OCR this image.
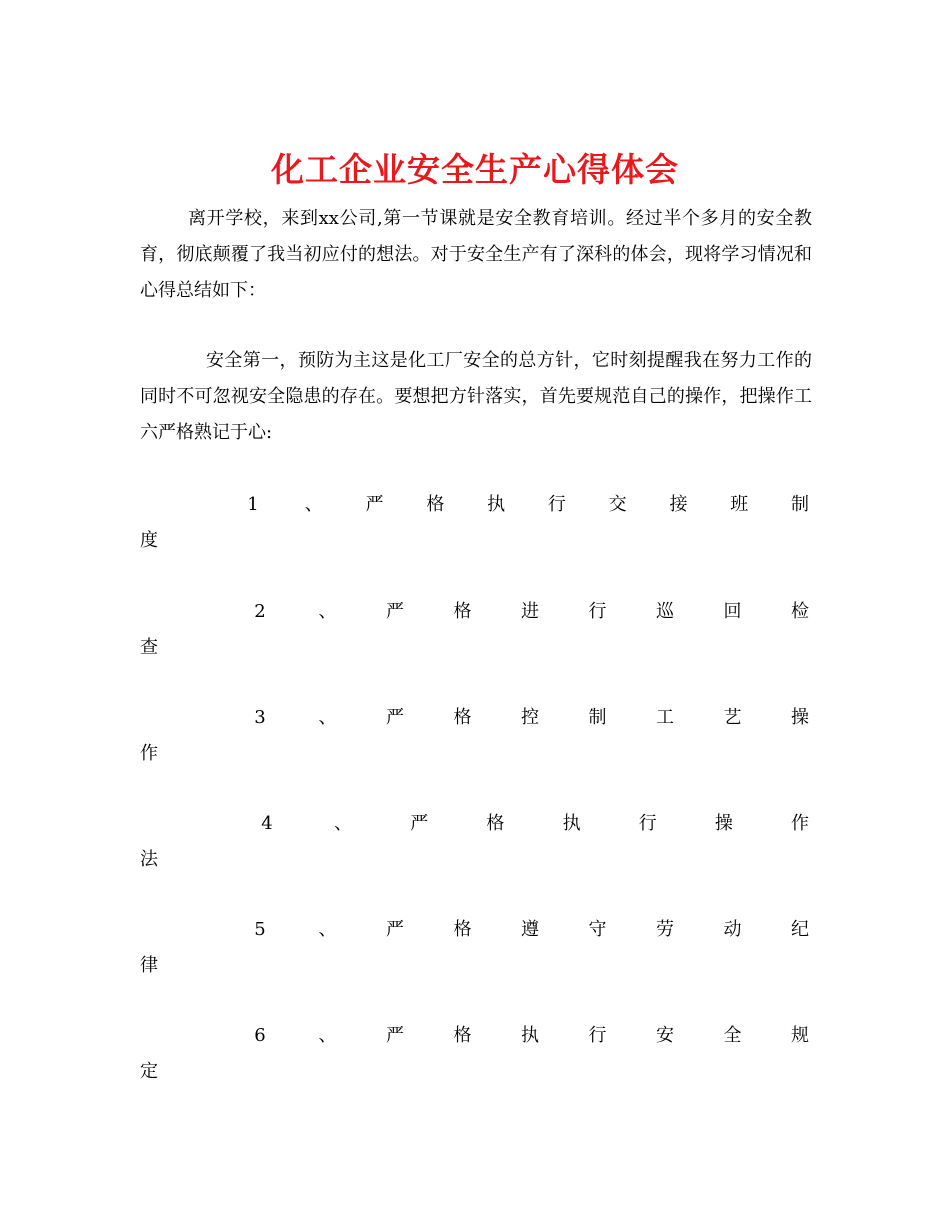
化工企业安全生产心得体会

离开学校，来到xx公司,第一节课就是安全教育培训。经过半个多月的安全教育，彻底颠覆了我当初应付的想法。对于安全生产有了深科的体会，现将学习情况和心得总结如下：

安全第一，预防为主这是化工厂安全的总方针，它时刻提醒我在努力工作的同时不可忽视安全隐患的存在。要想把方针落实，首先要规范自己的操作，把操作工六严格熟记于心:

1	、 严 格 执 行 交 接 班 制
度
2	、	严	格	进	行	巡	回	检
查
3	、	严	格	控	制	工	艺	操
作
4	、	严	格	执	行	操	作
法
5	、	严	格	遵	守	劳	动	纪
律
6	、	严	格	执	行	安	全	规
定
